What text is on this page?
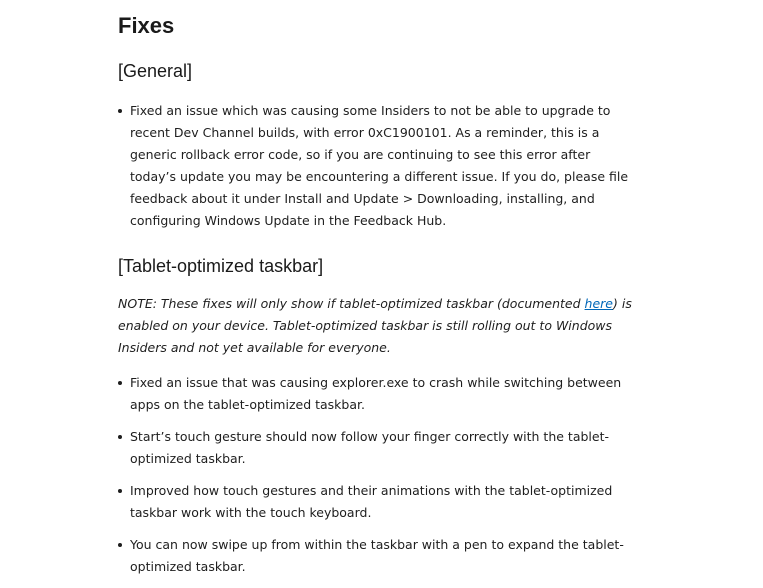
Fixes
[General]
Fixed an issue which was causing some Insiders to not be able to upgrade to recent Dev Channel builds, with error 0xC1900101. As a reminder, this is a generic rollback error code, so if you are continuing to see this error after today’s update you may be encountering a different issue. If you do, please file feedback about it under Install and Update > Downloading, installing, and configuring Windows Update in the Feedback Hub.
[Tablet-optimized taskbar]
NOTE: These fixes will only show if tablet-optimized taskbar (documented here) is enabled on your device. Tablet-optimized taskbar is still rolling out to Windows Insiders and not yet available for everyone.
Fixed an issue that was causing explorer.exe to crash while switching between apps on the tablet-optimized taskbar.
Start’s touch gesture should now follow your finger correctly with the tablet-optimized taskbar.
Improved how touch gestures and their animations with the tablet-optimized taskbar work with the touch keyboard.
You can now swipe up from within the taskbar with a pen to expand the tablet-optimized taskbar.
